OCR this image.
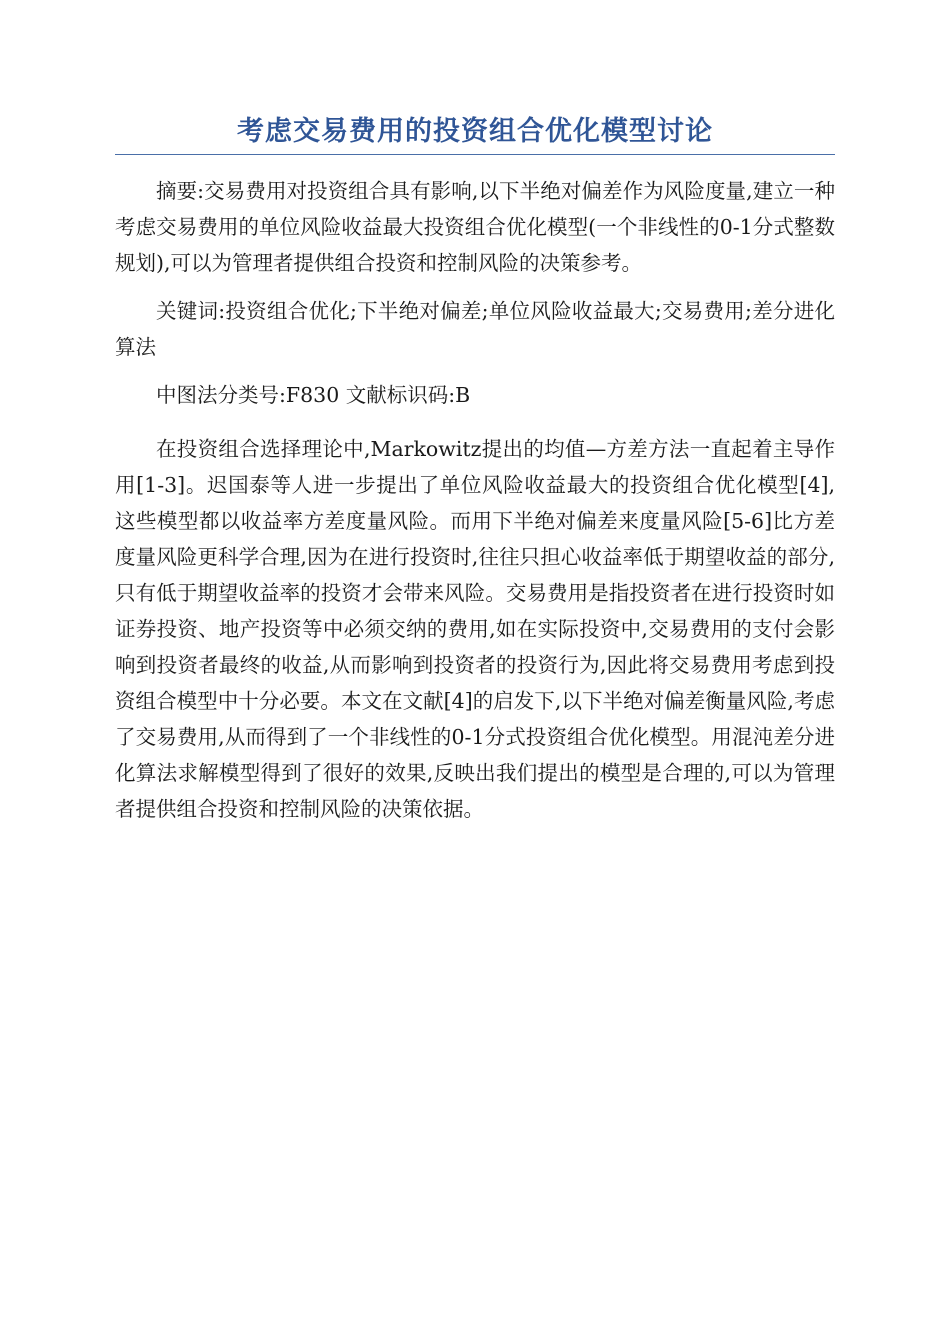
考虑交易费用的投资组合优化模型讨论

摘要:交易费用对投资组合具有影响,以下半绝对偏差作为风险度量,建立一种考虑交易费用的单位风险收益最大投资组合优化模型(一个非线性的0-1分式整数规划),可以为管理者提供组合投资和控制风险的决策参考。

关键词:投资组合优化;下半绝对偏差;单位风险收益最大;交易费用;差分进化算法

中图法分类号:F830 文献标识码:B

在投资组合选择理论中,Markowitz提出的均值—方差方法一直起着主导作用[1-3]。迟国泰等人进一步提出了单位风险收益最大的投资组合优化模型[4],这些模型都以收益率方差度量风险。而用下半绝对偏差来度量风险[5-6]比方差度量风险更科学合理,因为在进行投资时,往往只担心收益率低于期望收益的部分,只有低于期望收益率的投资才会带来风险。交易费用是指投资者在进行投资时如证券投资、地产投资等中必须交纳的费用,如在实际投资中,交易费用的支付会影响到投资者最终的收益,从而影响到投资者的投资行为,因此将交易费用考虑到投资组合模型中十分必要。本文在文献[4]的启发下,以下半绝对偏差衡量风险,考虑了交易费用,从而得到了一个非线性的0-1分式投资组合优化模型。用混沌差分进化算法求解模型得到了很好的效果,反映出我们提出的模型是合理的,可以为管理者提供组合投资和控制风险的决策依据。
